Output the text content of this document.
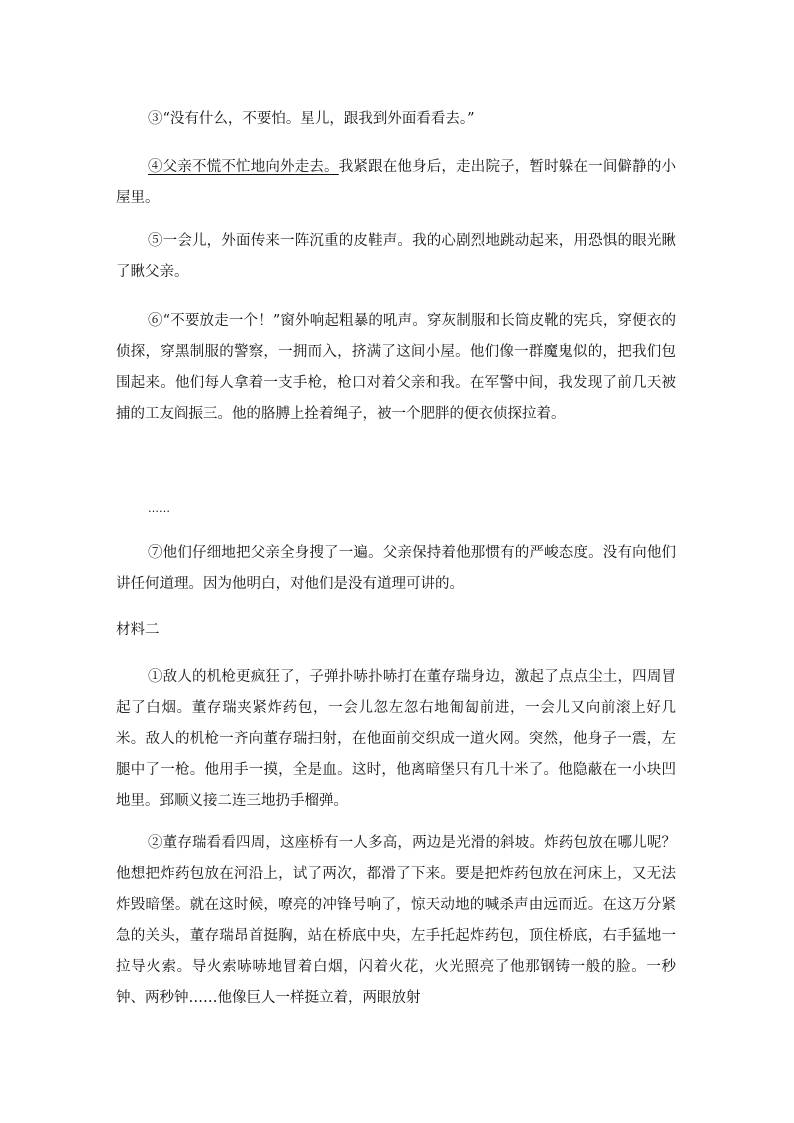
③“没有什么，不要怕。星儿，跟我到外面看看去。”

④父亲不慌不忙地向外走去。我紧跟在他身后，走出院子，暂时躲在一间僻静的小屋里。

⑤一会儿，外面传来一阵沉重的皮鞋声。我的心剧烈地跳动起来，用恐惧的眼光瞅了瞅父亲。

⑥“不要放走一个！”窗外响起粗暴的吼声。穿灰制服和长筒皮靴的宪兵，穿便衣的侦探，穿黑制服的警察，一拥而入，挤满了这间小屋。他们像一群魔鬼似的，把我们包围起来。他们每人拿着一支手枪，枪口对着父亲和我。在军警中间，我发现了前几天被捕的工友阎振三。他的胳膊上拴着绳子，被一个肥胖的便衣侦探拉着。

……

⑦他们仔细地把父亲全身搜了一遍。父亲保持着他那惯有的严峻态度。没有向他们讲任何道理。因为他明白，对他们是没有道理可讲的。

材料二

①敌人的机枪更疯狂了，子弹扑哧扑哧打在董存瑞身边，激起了点点尘土，四周冒起了白烟。董存瑞夹紧炸药包，一会儿忽左忽右地匍匐前进，一会儿又向前滚上好几米。敌人的机枪一齐向董存瑞扫射，在他面前交织成一道火网。突然，他身子一震，左腿中了一枪。他用手一摸，全是血。这时，他离暗堡只有几十米了。他隐蔽在一小块凹地里。郅顺义接二连三地扔手榴弹。

②董存瑞看看四周，这座桥有一人多高，两边是光滑的斜坡。炸药包放在哪儿呢？他想把炸药包放在河沿上，试了两次，都滑了下来。要是把炸药包放在河床上，又无法炸毁暗堡。就在这时候，嘹亮的冲锋号响了，惊天动地的喊杀声由远而近。在这万分紧急的关头，董存瑞昂首挺胸，站在桥底中央，左手托起炸药包，顶住桥底，右手猛地一拉导火索。导火索哧哧地冒着白烟，闪着火花，火光照亮了他那钢铸一般的脸。一秒钟、两秒钟……他像巨人一样挺立着，两眼放射
